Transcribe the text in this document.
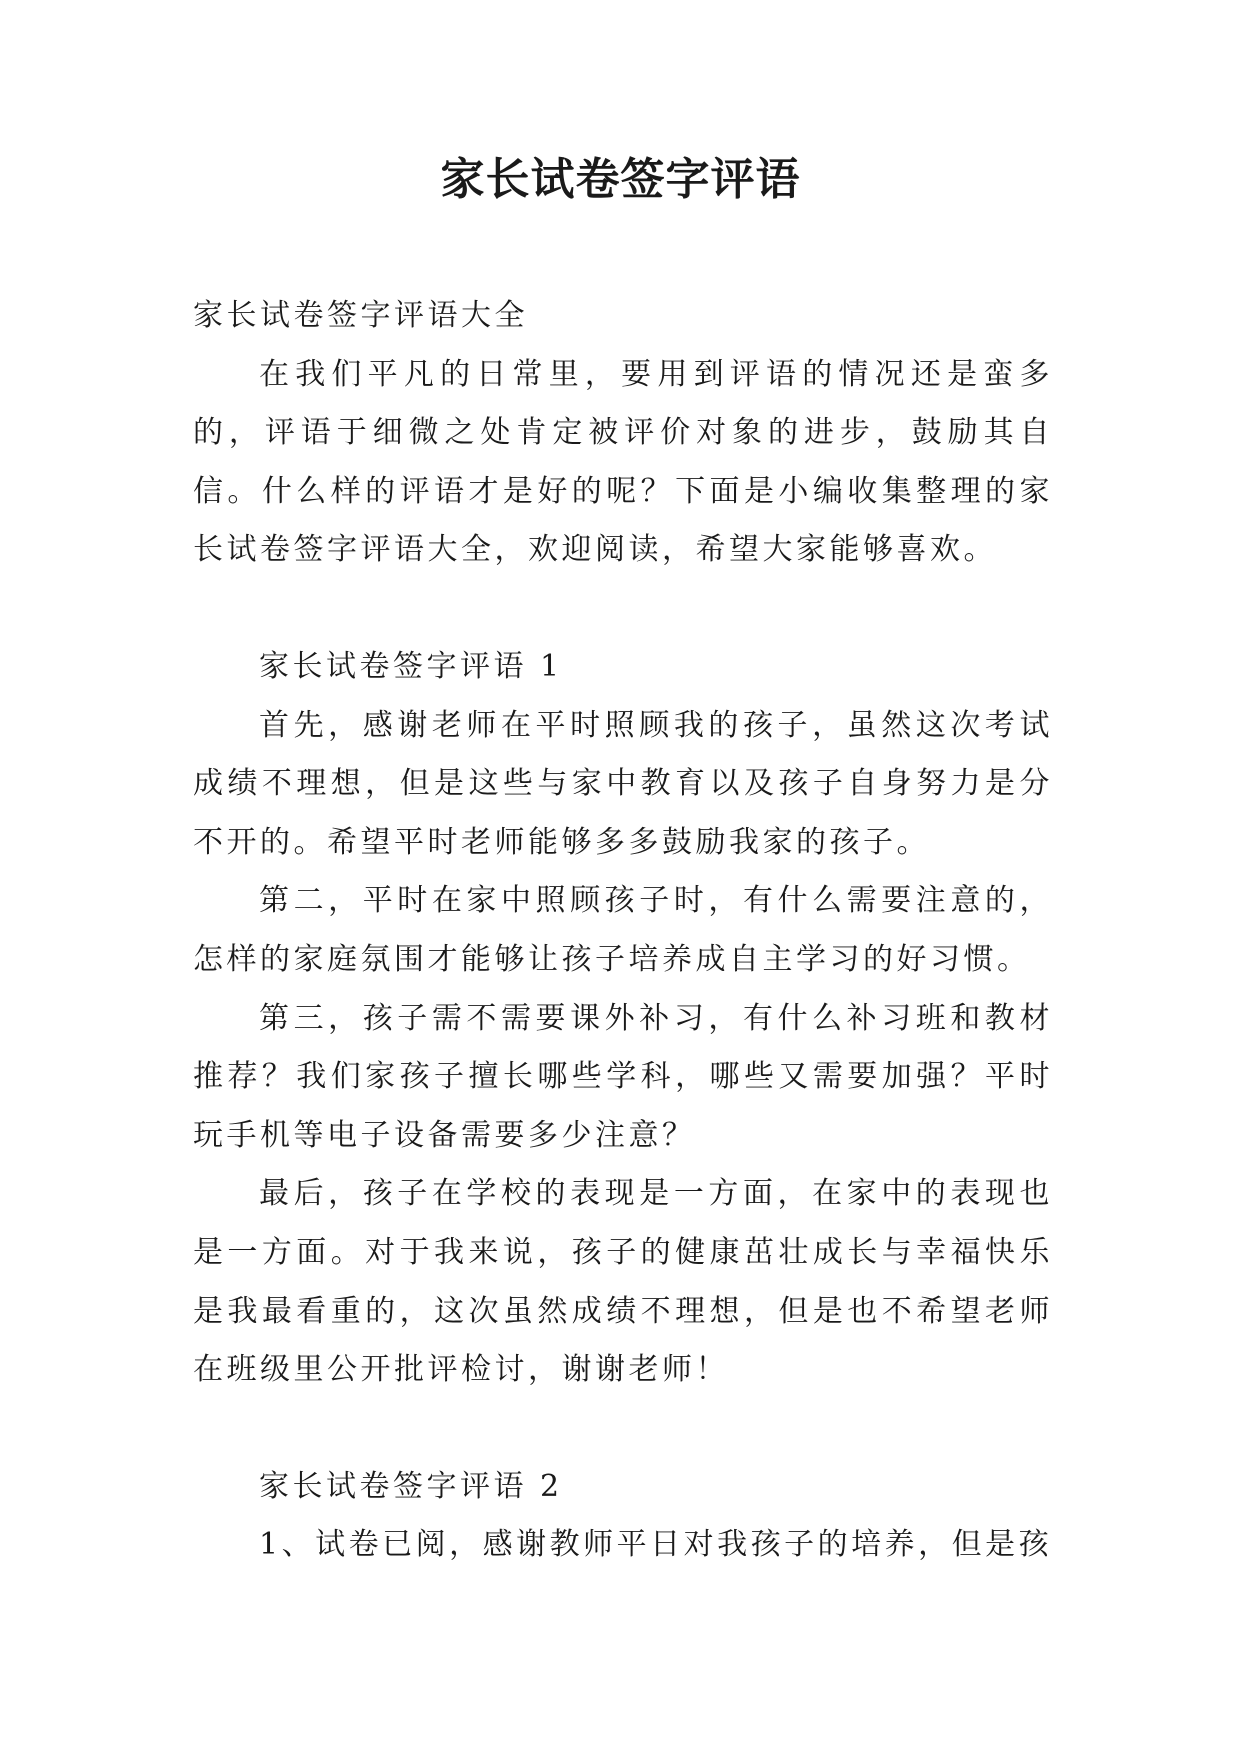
家长试卷签字评语

家长试卷签字评语大全

在我们平凡的日常里，要用到评语的情况还是蛮多的，评语于细微之处肯定被评价对象的进步，鼓励其自信。什么样的评语才是好的呢？下面是小编收集整理的家长试卷签字评语大全，欢迎阅读，希望大家能够喜欢。

家长试卷签字评语 1

首先，感谢老师在平时照顾我的孩子，虽然这次考试成绩不理想，但是这些与家中教育以及孩子自身努力是分不开的。希望平时老师能够多多鼓励我家的孩子。

第二，平时在家中照顾孩子时，有什么需要注意的，怎样的家庭氛围才能够让孩子培养成自主学习的好习惯。

第三，孩子需不需要课外补习，有什么补习班和教材推荐？我们家孩子擅长哪些学科，哪些又需要加强？平时玩手机等电子设备需要多少注意？

最后，孩子在学校的表现是一方面，在家中的表现也是一方面。对于我来说，孩子的健康茁壮成长与幸福快乐是我最看重的，这次虽然成绩不理想，但是也不希望老师在班级里公开批评检讨，谢谢老师！

家长试卷签字评语 2

1、试卷已阅，感谢教师平日对我孩子的培养，但是孩
